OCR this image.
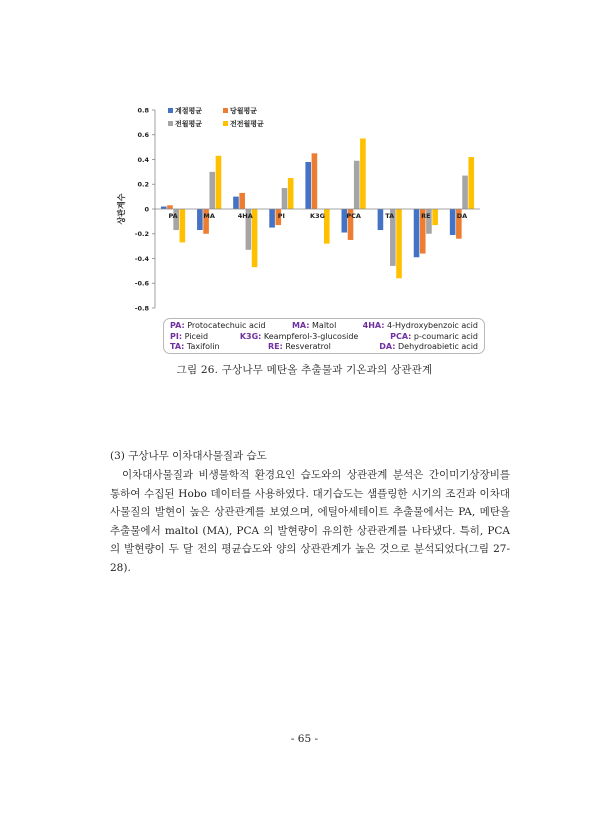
0.8
0.6
0.4
0.2
0
-0.2
-0.4
-0.6
-0.8
상관계수	PA	MA	4HA	PI	K3G	PCA	TA	RE	DA
계절평균	당월평균
전월평균	전전월평균
PA: Protocatechuic acid	MA: Maltol	4HA: 4-Hydroxybenzoic acid
PI: Piceid	K3G: Keampferol-3-glucoside	PCA: p-coumaric acid
TA: Taxifolin	RE: Resveratrol	DA: Dehydroabietic acid
그림 26. 구상나무 메탄올 추출물과 기온과의 상관관계
(3) 구상나무 이차대사물질과 습도

이차대사물질과 비생물학적 환경요인 습도와의 상관관계 분석은 간이미기상장비를 통하여 수집된 Hobo 데이터를 사용하였다. 대기습도는 샘플링한 시기의 조건과 이차대사물질의 발현이 높은 상관관계를 보였으며, 에틸아세테이트 추출물에서는 PA, 메탄올 추출물에서 maltol (MA), PCA 의 발현량이 유의한 상관관계를 나타냈다. 특히, PCA의 발현량이 두 달 전의 평균습도와 양의 상관관계가 높은 것으로 분석되었다(그림 27-28).

- 65 -
